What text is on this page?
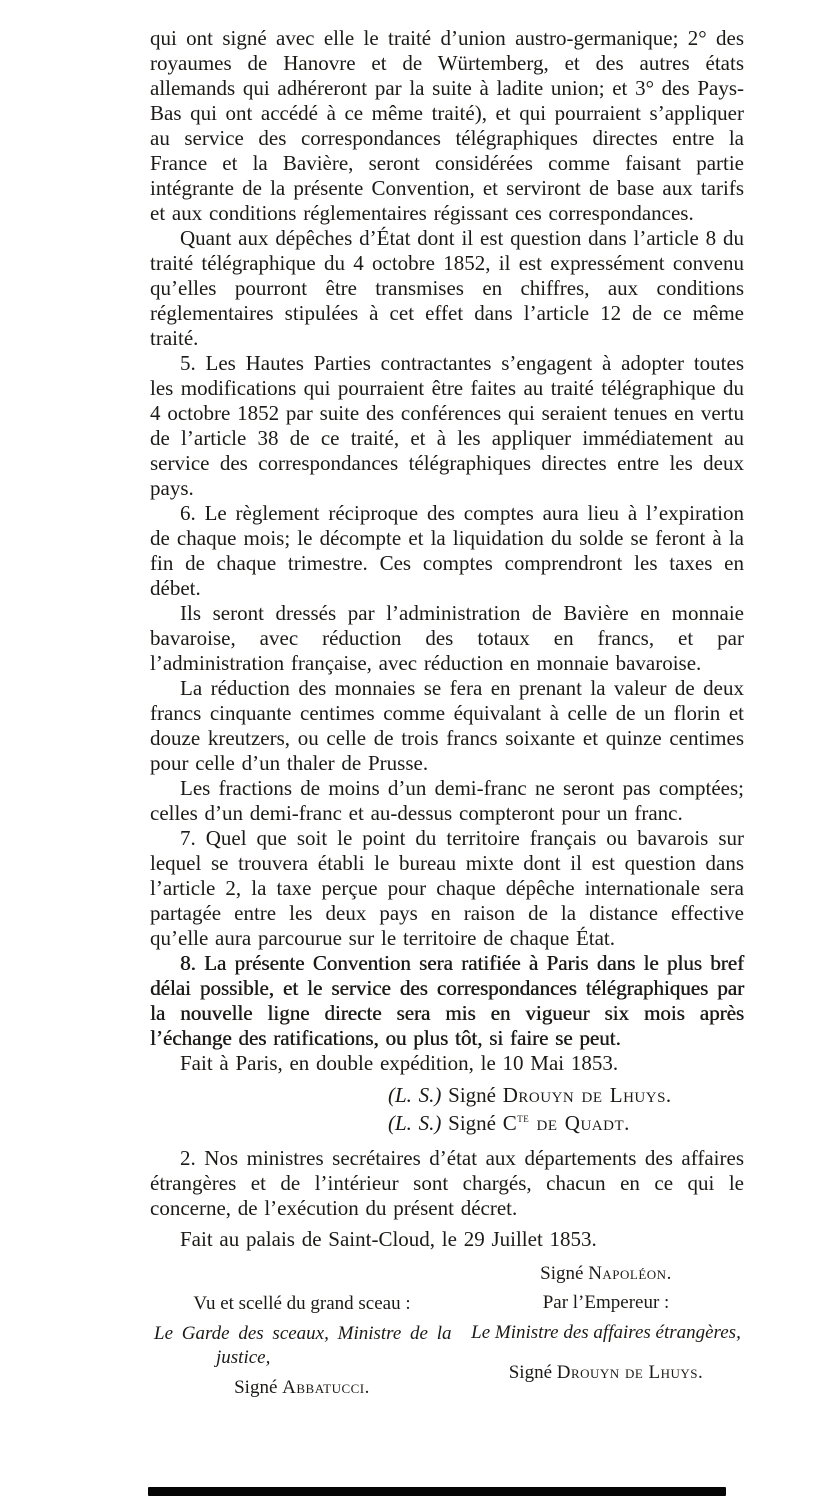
qui ont signé avec elle le traité d’union austro-germanique; 2° des royaumes de Hanovre et de Würtemberg, et des autres états allemands qui adhéreront par la suite à ladite union; et 3° des Pays-Bas qui ont accédé à ce même traité), et qui pourraient s’appliquer au service des correspondances télégraphiques directes entre la France et la Bavière, seront considérées comme faisant partie intégrante de la présente Convention, et serviront de base aux tarifs et aux conditions réglementaires régissant ces correspondances.

Quant aux dépêches d’État dont il est question dans l’article 8 du traité télégraphique du 4 octobre 1852, il est expressément convenu qu’elles pourront être transmises en chiffres, aux conditions réglementaires stipulées à cet effet dans l’article 12 de ce même traité.

5. Les Hautes Parties contractantes s’engagent à adopter toutes les modifications qui pourraient être faites au traité télégraphique du 4 octobre 1852 par suite des conférences qui seraient tenues en vertu de l’article 38 de ce traité, et à les appliquer immédiatement au service des correspondances télégraphiques directes entre les deux pays.

6. Le règlement réciproque des comptes aura lieu à l’expiration de chaque mois; le décompte et la liquidation du solde se feront à la fin de chaque trimestre. Ces comptes comprendront les taxes en débet.

Ils seront dressés par l’administration de Bavière en monnaie bavaroise, avec réduction des totaux en francs, et par l’administration française, avec réduction en monnaie bavaroise.

La réduction des monnaies se fera en prenant la valeur de deux francs cinquante centimes comme équivalant à celle de un florin et douze kreutzers, ou celle de trois francs soixante et quinze centimes pour celle d’un thaler de Prusse.

Les fractions de moins d’un demi-franc ne seront pas comptées; celles d’un demi-franc et au-dessus compteront pour un franc.

7. Quel que soit le point du territoire français ou bavarois sur lequel se trouvera établi le bureau mixte dont il est question dans l’article 2, la taxe perçue pour chaque dépêche internationale sera partagée entre les deux pays en raison de la distance effective qu’elle aura parcourue sur le territoire de chaque État.

8. La présente Convention sera ratifiée à Paris dans le plus bref délai possible, et le service des correspondances télégraphiques par la nouvelle ligne directe sera mis en vigueur six mois après l’échange des ratifications, ou plus tôt, si faire se peut.

Fait à Paris, en double expédition, le 10 Mai 1853.

(L. S.) Signé Drouyn de Lhuys.
(L. S.) Signé $C^{te}$ de Quadt.

2. Nos ministres secrétaires d’état aux départements des affaires étrangères et de l’intérieur sont chargés, chacun en ce qui le concerne, de l’exécution du présent décret.

Fait au palais de Saint-Cloud, le 29 Juillet 1853.

Vu et scellé du grand sceau :
Le Garde des sceaux, Ministre de la justice,
Signé Abbatucci.
Signé Napoléon.
Par l’Empereur :
Le Ministre des affaires étrangères,
Signé Drouyn de Lhuys.
